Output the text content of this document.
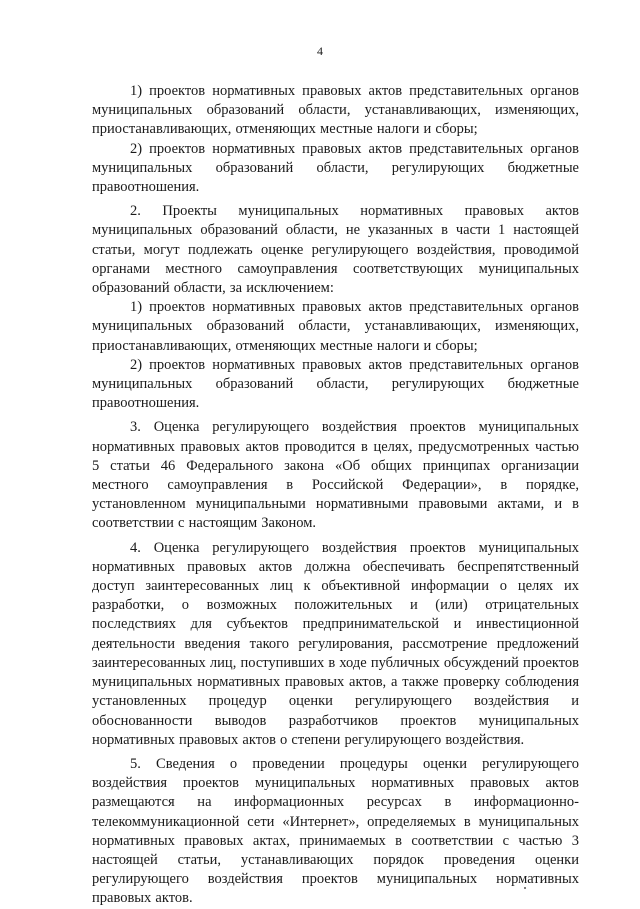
4

1) проектов нормативных правовых актов представительных органов муниципальных образований области, устанавливающих, изменяющих, приостанавливающих, отменяющих местные налоги и сборы;

2) проектов нормативных правовых актов представительных органов муниципальных образований области, регулирующих бюджетные правоотношения.

2. Проекты муниципальных нормативных правовых актов муниципальных образований области, не указанных в части 1 настоящей статьи, могут подлежать оценке регулирующего воздействия, проводимой органами местного самоуправления соответствующих муниципальных образований области, за исключением:

1) проектов нормативных правовых актов представительных органов муниципальных образований области, устанавливающих, изменяющих, приостанавливающих, отменяющих местные налоги и сборы;

2) проектов нормативных правовых актов представительных органов муниципальных образований области, регулирующих бюджетные правоотношения.

3. Оценка регулирующего воздействия проектов муниципальных нормативных правовых актов проводится в целях, предусмотренных частью 5 статьи 46 Федерального закона «Об общих принципах организации местного самоуправления в Российской Федерации», в порядке, установленном муниципальными нормативными правовыми актами, и в соответствии с настоящим Законом.

4. Оценка регулирующего воздействия проектов муниципальных нормативных правовых актов должна обеспечивать беспрепятственный доступ заинтересованных лиц к объективной информации о целях их разработки, о возможных положительных и (или) отрицательных последствиях для субъектов предпринимательской и инвестиционной деятельности введения такого регулирования, рассмотрение предложений заинтересованных лиц, поступивших в ходе публичных обсуждений проектов муниципальных нормативных правовых актов, а также проверку соблюдения установленных процедур оценки регулирующего воздействия и обоснованности выводов разработчиков проектов муниципальных нормативных правовых актов о степени регулирующего воздействия.

5. Сведения о проведении процедуры оценки регулирующего воздействия проектов муниципальных нормативных правовых актов размещаются на информационных ресурсах в информационно-телекоммуникационной сети «Интернет», определяемых в муниципальных нормативных правовых актах, принимаемых в соответствии с частью 3 настоящей статьи, устанавливающих порядок проведения оценки регулирующего воздействия проектов муниципальных нормативных правовых актов.
